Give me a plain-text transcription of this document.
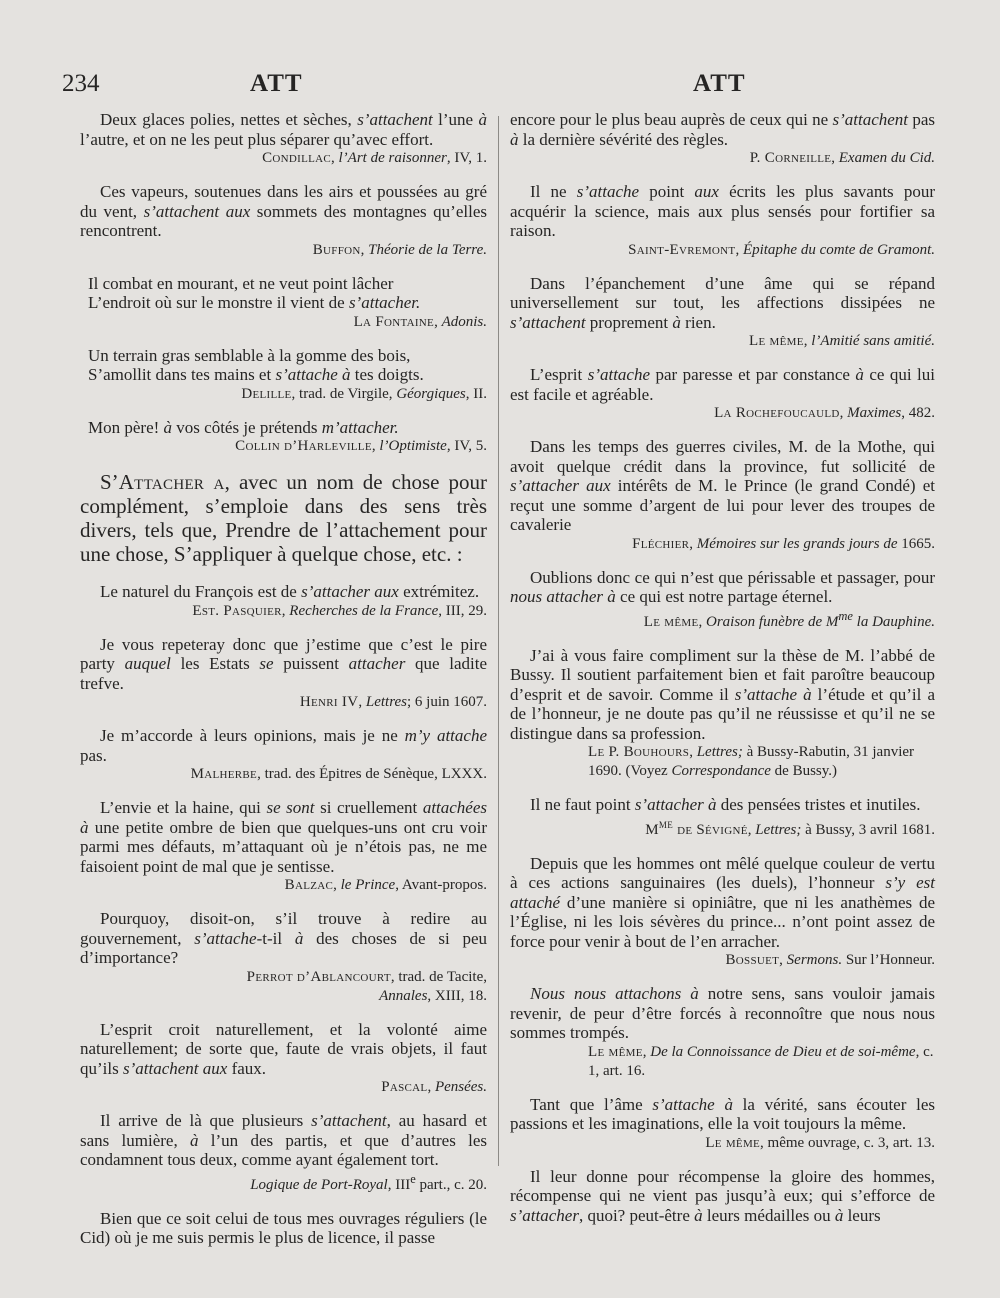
234	ATT	ATT

Deux glaces polies, nettes et sèches, s’attachent l’une à l’autre, et on ne les peut plus séparer qu’avec effort.

Condillac, l’Art de raisonner, IV, 1.

Ces vapeurs, soutenues dans les airs et poussées au gré du vent, s’attachent aux sommets des montagnes qu’elles rencontrent.

Buffon, Théorie de la Terre.

Il combat en mourant, et ne veut point lâcher
L’endroit où sur le monstre il vient de s’attacher.

La Fontaine, Adonis.

Un terrain gras semblable à la gomme des bois,
S’amollit dans tes mains et s’attache à tes doigts.

Delille, trad. de Virgile, Géorgiques, II.

Mon père! à vos côtés je prétends m’attacher.

Collin d’Harleville, l’Optimiste, IV, 5.

S’Attacher a, avec un nom de chose pour complément, s’emploie dans des sens très divers, tels que, Prendre de l’attachement pour une chose, S’appliquer à quelque chose, etc. :

Le naturel du François est de s’attacher aux extrémitez.

Est. Pasquier, Recherches de la France, III, 29.

Je vous repeteray donc que j’estime que c’est le pire party auquel les Estats se puissent attacher que ladite trefve.

Henri IV, Lettres; 6 juin 1607.

Je m’accorde à leurs opinions, mais je ne m’y attache pas.

Malherbe, trad. des Épitres de Sénèque, LXXX.

L’envie et la haine, qui se sont si cruellement attachées à une petite ombre de bien que quelques-uns ont cru voir parmi mes défauts, m’attaquant où je n’étois pas, ne me faisoient point de mal que je sentisse.

Balzac, le Prince, Avant-propos.

Pourquoy, disoit-on, s’il trouve à redire au gouvernement, s’attache-t-il à des choses de si peu d’importance?

Perrot d’Ablancourt, trad. de Tacite,
Annales, XIII, 18.

L’esprit croit naturellement, et la volonté aime naturellement; de sorte que, faute de vrais objets, il faut qu’ils s’attachent aux faux.

Pascal, Pensées.

Il arrive de là que plusieurs s’attachent, au hasard et sans lumière, à l’un des partis, et que d’autres les condamnent tous deux, comme ayant également tort.

Logique de Port-Royal, IIIe part., c. 20.

Bien que ce soit celui de tous mes ouvrages réguliers (le Cid) où je me suis permis le plus de licence, il passe

encore pour le plus beau auprès de ceux qui ne s’attachent pas à la dernière sévérité des règles.

P. Corneille, Examen du Cid.

Il ne s’attache point aux écrits les plus savants pour acquérir la science, mais aux plus sensés pour fortifier sa raison.

Saint-Evremont, Épitaphe du comte de Gramont.

Dans l’épanchement d’une âme qui se répand universellement sur tout, les affections dissipées ne s’attachent proprement à rien.

Le même, l’Amitié sans amitié.

L’esprit s’attache par paresse et par constance à ce qui lui est facile et agréable.

La Rochefoucauld, Maximes, 482.

Dans les temps des guerres civiles, M. de la Mothe, qui avoit quelque crédit dans la province, fut sollicité de s’attacher aux intérêts de M. le Prince (le grand Condé) et reçut une somme d’argent de lui pour lever des troupes de cavalerie

Fléchier, Mémoires sur les grands jours de 1665.

Oublions donc ce qui n’est que périssable et passager, pour nous attacher à ce qui est notre partage éternel.

Le même, Oraison funèbre de $M^{me}$ la Dauphine.

J’ai à vous faire compliment sur la thèse de M. l’abbé de Bussy. Il soutient parfaitement bien et fait paroître beaucoup d’esprit et de savoir. Comme il s’attache à l’étude et qu’il a de l’honneur, je ne doute pas qu’il ne réussisse et qu’il ne se distingue dans sa profession.

Le P. Bouhours, Lettres; à Bussy-Rabutin, 31 janvier 1690. (Voyez Correspondance de Bussy.)

Il ne faut point s’attacher à des pensées tristes et inutiles.

$M^{me}$ de Sévigné, Lettres; à Bussy, 3 avril 1681.

Depuis que les hommes ont mêlé quelque couleur de vertu à ces actions sanguinaires (les duels), l’honneur s’y est attaché d’une manière si opiniâtre, que ni les anathèmes de l’Église, ni les lois sévères du prince... n’ont point assez de force pour venir à bout de l’en arracher.

Bossuet, Sermons. Sur l’Honneur.

Nous nous attachons à notre sens, sans vouloir jamais revenir, de peur d’être forcés à reconnoître que nous nous sommes trompés.

Le même, De la Connoissance de Dieu et de soi-même, c. 1, art. 16.

Tant que l’âme s’attache à la vérité, sans écouter les passions et les imaginations, elle la voit toujours la même.

Le même, même ouvrage, c. 3, art. 13.

Il leur donne pour récompense la gloire des hommes, récompense qui ne vient pas jusqu’à eux; qui s’efforce de s’attacher, quoi? peut-être à leurs médailles ou à leurs
